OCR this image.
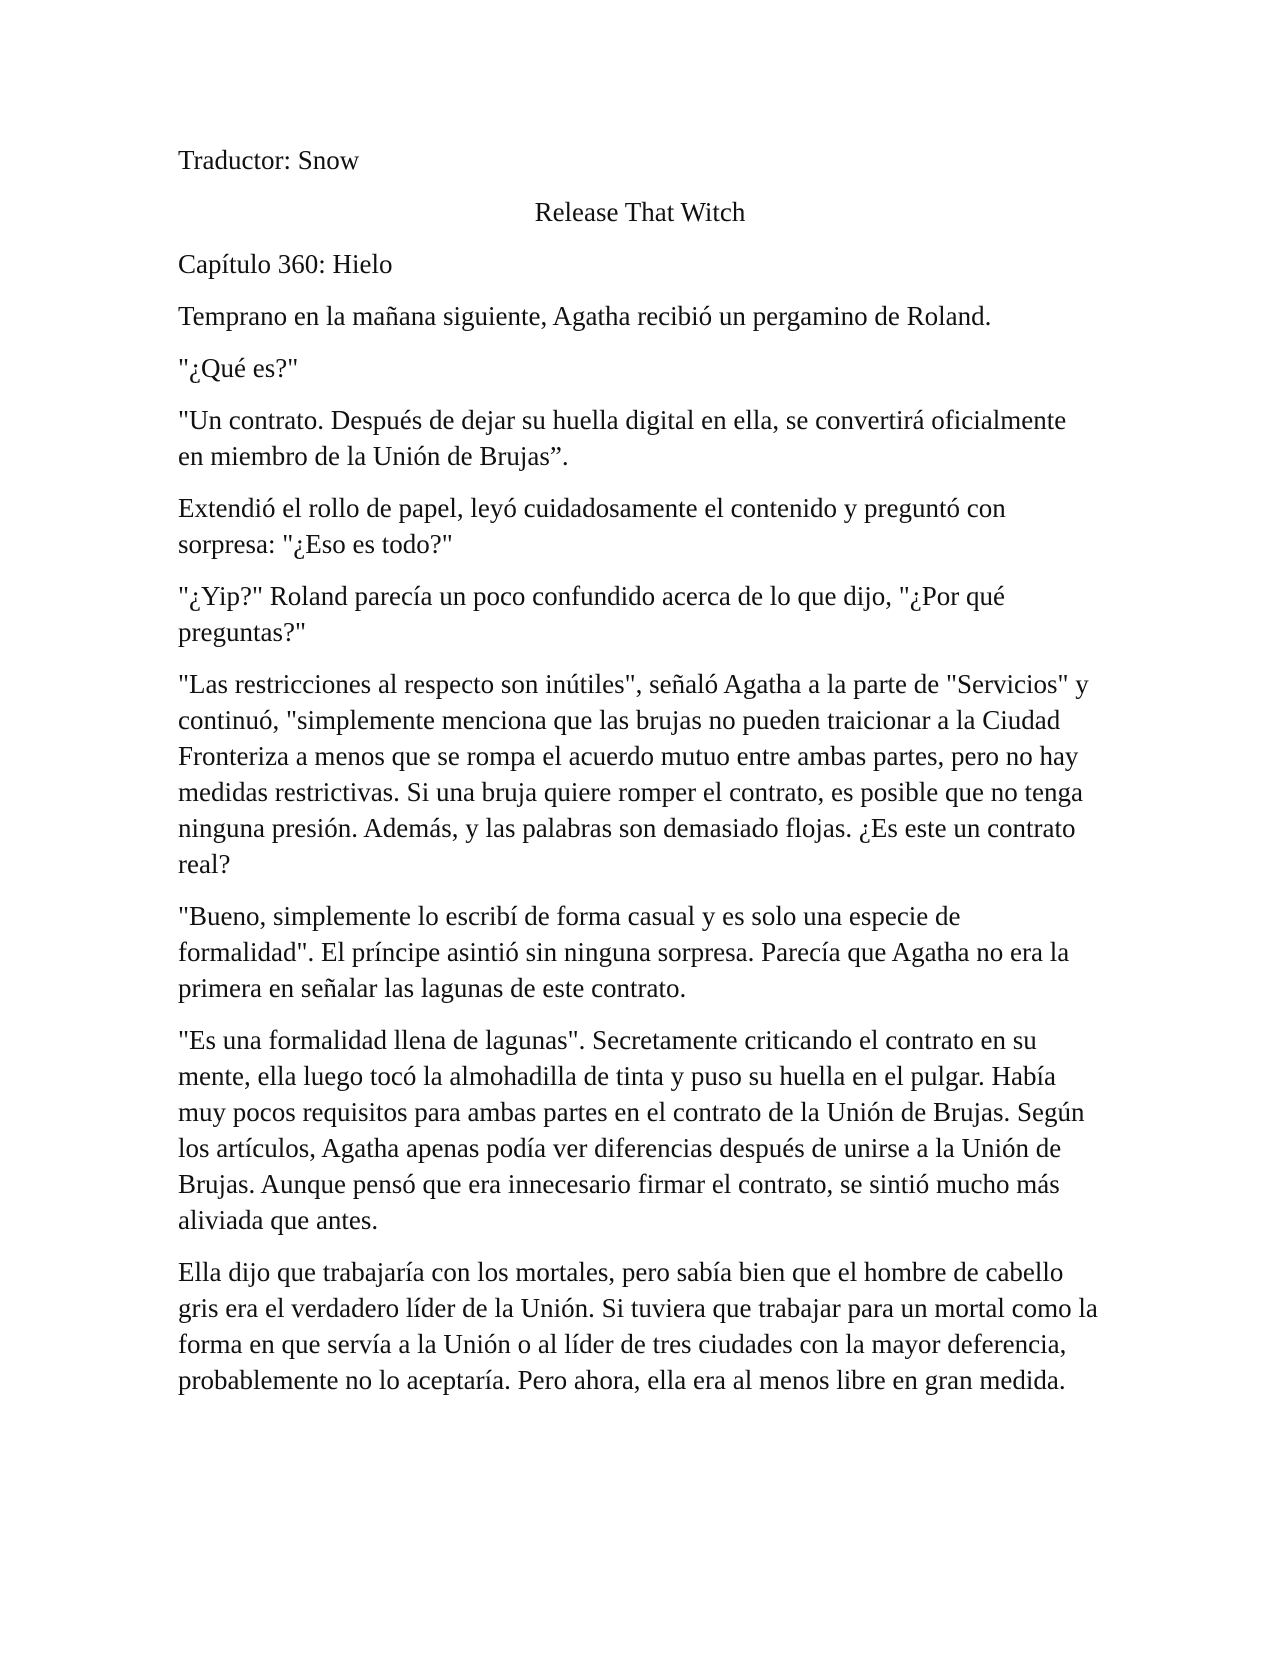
Traductor: Snow

Release That Witch

Capítulo 360: Hielo

Temprano en la mañana siguiente, Agatha recibió un pergamino de Roland.

"¿Qué es?"

"Un contrato. Después de dejar su huella digital en ella, se convertirá oficialmente en miembro de la Unión de Brujas”.

Extendió el rollo de papel, leyó cuidadosamente el contenido y preguntó con sorpresa: "¿Eso es todo?"

"¿Yip?" Roland parecía un poco confundido acerca de lo que dijo, "¿Por qué preguntas?"

"Las restricciones al respecto son inútiles", señaló Agatha a la parte de "Servicios" y continuó, "simplemente menciona que las brujas no pueden traicionar a la Ciudad Fronteriza a menos que se rompa el acuerdo mutuo entre ambas partes, pero no hay medidas restrictivas. Si una bruja quiere romper el contrato, es posible que no tenga ninguna presión. Además, y las palabras son demasiado flojas. ¿Es este un contrato real?

"Bueno, simplemente lo escribí de forma casual y es solo una especie de formalidad". El príncipe asintió sin ninguna sorpresa. Parecía que Agatha no era la primera en señalar las lagunas de este contrato.

"Es una formalidad llena de lagunas". Secretamente criticando el contrato en su mente, ella luego tocó la almohadilla de tinta y puso su huella en el pulgar. Había muy pocos requisitos para ambas partes en el contrato de la Unión de Brujas. Según los artículos, Agatha apenas podía ver diferencias después de unirse a la Unión de Brujas. Aunque pensó que era innecesario firmar el contrato, se sintió mucho más aliviada que antes.

Ella dijo que trabajaría con los mortales, pero sabía bien que el hombre de cabello gris era el verdadero líder de la Unión. Si tuviera que trabajar para un mortal como la forma en que servía a la Unión o al líder de tres ciudades con la mayor deferencia, probablemente no lo aceptaría. Pero ahora, ella era al menos libre en gran medida.
